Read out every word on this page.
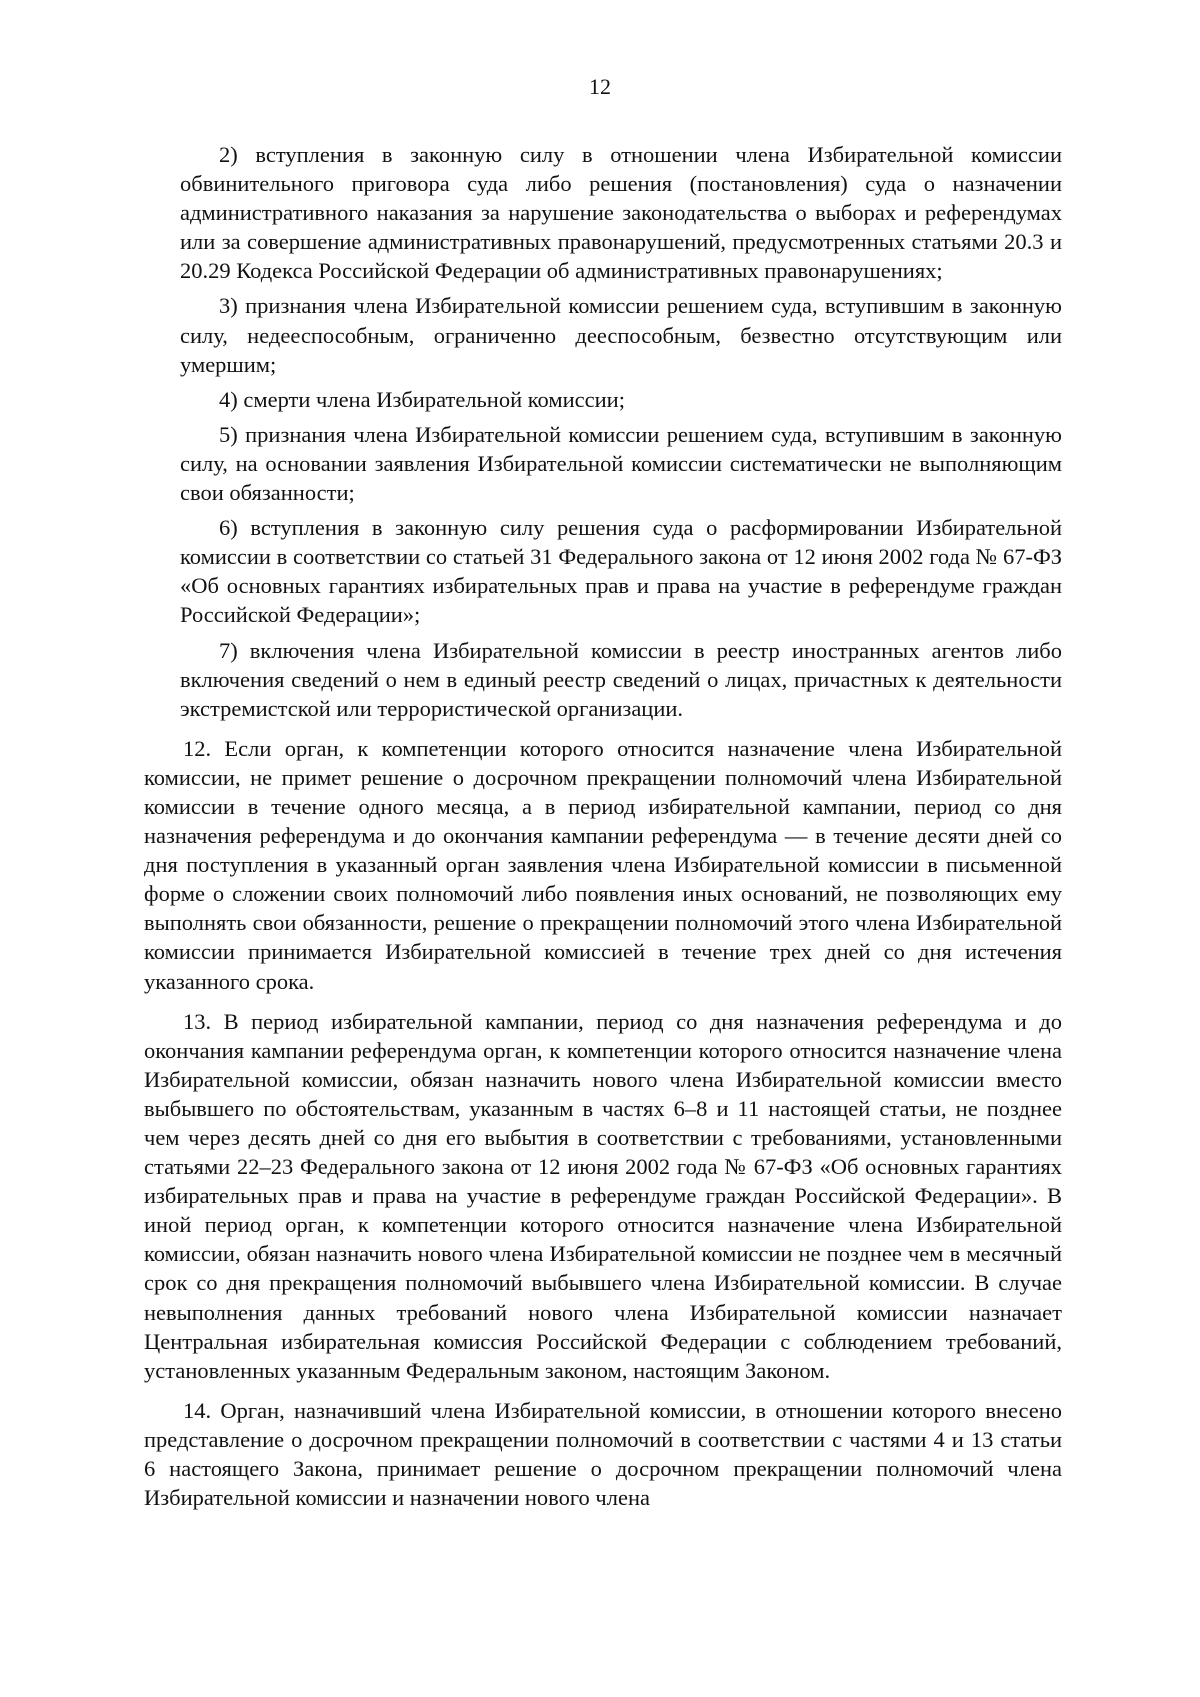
12

2) вступления в законную силу в отношении члена Избирательной комиссии обвинительного приговора суда либо решения (постановления) суда о назначении административного наказания за нарушение законодательства о выборах и референдумах или за совершение административных правонарушений, предусмотренных статьями 20.3 и 20.29 Кодекса Российской Федерации об административных правонарушениях;

3) признания члена Избирательной комиссии решением суда, вступившим в законную силу, недееспособным, ограниченно дееспособным, безвестно отсутствующим или умершим;

4) смерти члена Избирательной комиссии;

5) признания члена Избирательной комиссии решением суда, вступившим в законную силу, на основании заявления Избирательной комиссии систематически не выполняющим свои обязанности;

6) вступления в законную силу решения суда о расформировании Избирательной комиссии в соответствии со статьей 31 Федерального закона от 12 июня 2002 года № 67-ФЗ «Об основных гарантиях избирательных прав и права на участие в референдуме граждан Российской Федерации»;

7) включения члена Избирательной комиссии в реестр иностранных агентов либо включения сведений о нем в единый реестр сведений о лицах, причастных к деятельности экстремистской или террористической организации.

12. Если орган, к компетенции которого относится назначение члена Избирательной комиссии, не примет решение о досрочном прекращении полномочий члена Избирательной комиссии в течение одного месяца, а в период избирательной кампании, период со дня назначения референдума и до окончания кампании референдума — в течение десяти дней со дня поступления в указанный орган заявления члена Избирательной комиссии в письменной форме о сложении своих полномочий либо появления иных оснований, не позволяющих ему выполнять свои обязанности, решение о прекращении полномочий этого члена Избирательной комиссии принимается Избирательной комиссией в течение трех дней со дня истечения указанного срока.

13. В период избирательной кампании, период со дня назначения референдума и до окончания кампании референдума орган, к компетенции которого относится назначение члена Избирательной комиссии, обязан назначить нового члена Избирательной комиссии вместо выбывшего по обстоятельствам, указанным в частях 6–8 и 11 настоящей статьи, не позднее чем через десять дней со дня его выбытия в соответствии с требованиями, установленными статьями 22–23 Федерального закона от 12 июня 2002 года № 67-ФЗ «Об основных гарантиях избирательных прав и права на участие в референдуме граждан Российской Федерации». В иной период орган, к компетенции которого относится назначение члена Избирательной комиссии, обязан назначить нового члена Избирательной комиссии не позднее чем в месячный срок со дня прекращения полномочий выбывшего члена Избирательной комиссии. В случае невыполнения данных требований нового члена Избирательной комиссии назначает Центральная избирательная комиссия Российской Федерации с соблюдением требований, установленных указанным Федеральным законом, настоящим Законом.

14. Орган, назначивший члена Избирательной комиссии, в отношении которого внесено представление о досрочном прекращении полномочий в соответствии с частями 4 и 13 статьи 6 настоящего Закона, принимает решение о досрочном прекращении полномочий члена Избирательной комиссии и назначении нового члена
